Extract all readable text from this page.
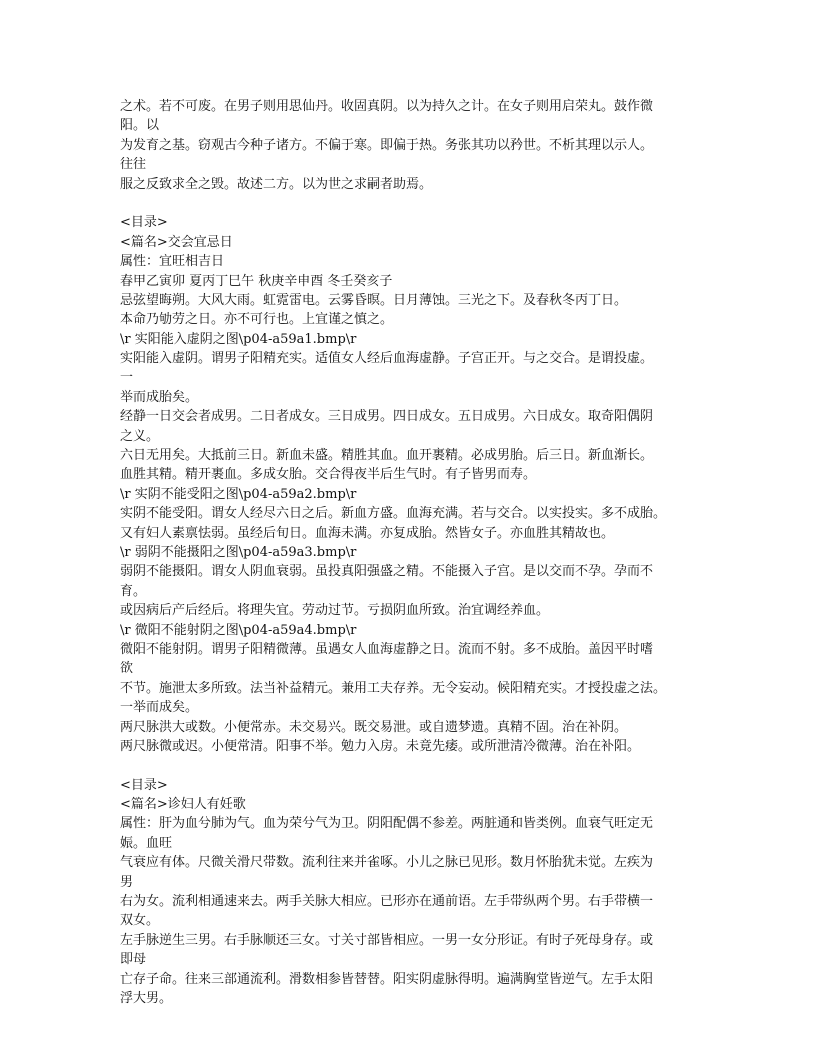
之术。若不可废。在男子则用思仙丹。收固真阴。以为持久之计。在女子则用启荣丸。鼓作微
阳。以
为发育之基。窃观古今种子诸方。不偏于寒。即偏于热。务张其功以矜世。不析其理以示人。
往往
服之反致求全之毁。故述二方。以为世之求嗣者助焉。
<目录>
<篇名>交会宜忌日
属性：宜旺相吉日
春甲乙寅卯 夏丙丁巳午 秋庚辛申酉 冬壬癸亥子
忌弦望晦朔。大风大雨。虹霓雷电。云雾昏暝。日月薄蚀。三光之下。及春秋冬丙丁日。
本命乃劬劳之日。亦不可行也。上宜谨之慎之。
\r 实阳能入虚阴之图\p04-a59a1.bmp\r
实阳能入虚阴。谓男子阳精充实。适值女人经后血海虚静。子宫正开。与之交合。是谓投虚。
一
举而成胎矣。
经静一日交会者成男。二日者成女。三日成男。四日成女。五日成男。六日成女。取奇阳偶阴
之义。
六日无用矣。大抵前三日。新血未盛。精胜其血。血开裹精。必成男胎。后三日。新血渐长。
血胜其精。精开裹血。多成女胎。交合得夜半后生气时。有子皆男而寿。
\r 实阴不能受阳之图\p04-a59a2.bmp\r
实阴不能受阳。谓女人经尽六日之后。新血方盛。血海充满。若与交合。以实投实。多不成胎。
又有妇人素禀怯弱。虽经后旬日。血海未满。亦复成胎。然皆女子。亦血胜其精故也。
\r 弱阴不能摄阳之图\p04-a59a3.bmp\r
弱阴不能摄阳。谓女人阴血衰弱。虽投真阳强盛之精。不能摄入子宫。是以交而不孕。孕而不
育。
或因病后产后经后。将理失宜。劳动过节。亏损阴血所致。治宜调经养血。
\r 微阳不能射阴之图\p04-a59a4.bmp\r
微阳不能射阴。谓男子阳精微薄。虽遇女人血海虚静之日。流而不射。多不成胎。盖因平时嗜
欲
不节。施泄太多所致。法当补益精元。兼用工夫存养。无令妄动。候阳精充实。才授投虚之法。
一举而成矣。
两尺脉洪大或数。小便常赤。未交易兴。既交易泄。或自遗梦遗。真精不固。治在补阴。
两尺脉微或迟。小便常清。阳事不举。勉力入房。未竟先痿。或所泄清冷微薄。治在补阳。
<目录>
<篇名>诊妇人有妊歌
属性：肝为血兮肺为气。血为荣兮气为卫。阴阳配偶不参差。两脏通和皆类例。血衰气旺定无
娠。血旺
气衰应有体。尺微关滑尺带数。流利往来并雀啄。小儿之脉已见形。数月怀胎犹未觉。左疾为
男
右为女。流利相通速来去。两手关脉大相应。已形亦在通前语。左手带纵两个男。右手带横一
双女。
左手脉逆生三男。右手脉顺还三女。寸关寸部皆相应。一男一女分形证。有时子死母身存。或
即母
亡存子命。往来三部通流利。滑数相参皆替替。阳实阴虚脉得明。遍满胸堂皆逆气。左手太阳
浮大男。
